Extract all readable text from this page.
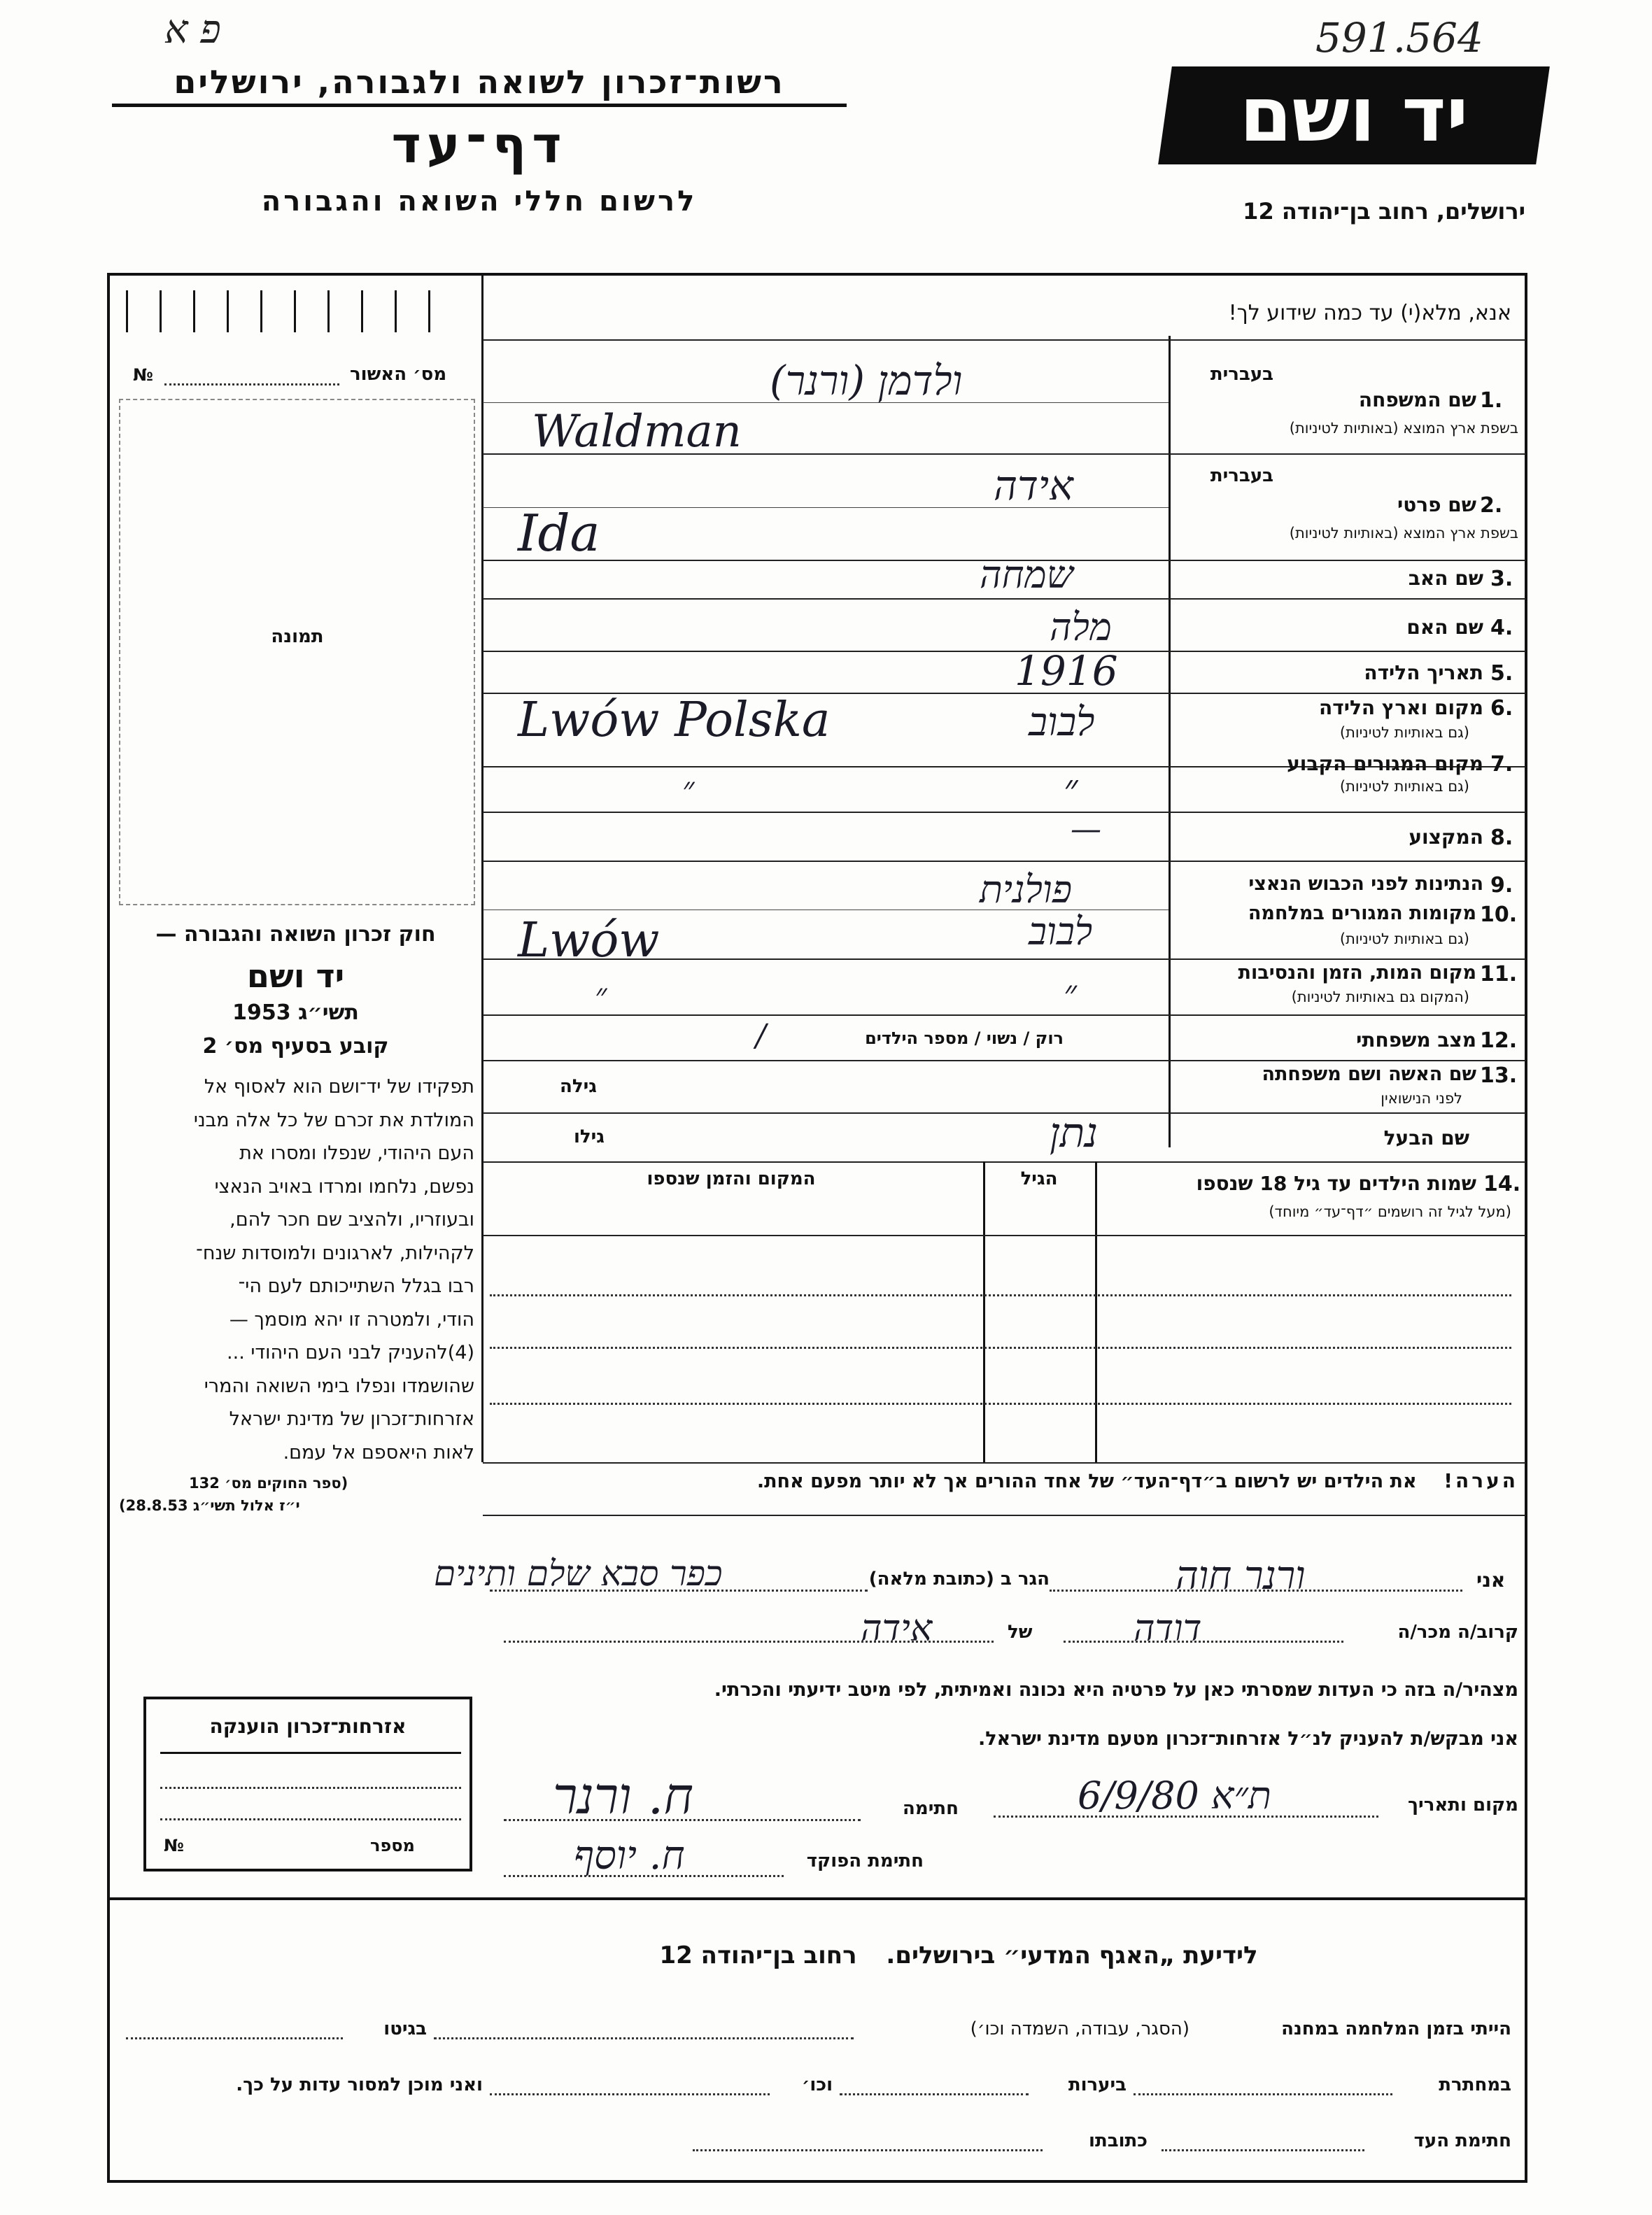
פ א	591.564
רשות־זכרון לשואה ולגבורה, ירושלים
דף־עד
לרשום חללי השואה והגבורה
יד ושם
ירושלים, רחוב בן־יהודה 12
אנא, מלא(י) עד כמה שידוע לך!
מס׳ האשור
№
תמונה
חוק זכרון השואה והגבורה —
יד ושם
תשי״ג 1953
קובע בסעיף מס׳ 2
תפקידו של יד־ושם הוא לאסוף אל
המולדת את זכרם של כל אלה מבני
העם היהודי, שנפלו ומסרו את
נפשם, נלחמו ומרדו באויב הנאצי
ובעוזריו, ולהציב שם חכר להם,
לקהילות, לארגונים ולמוסדות שנח־
רבו בגלל השתייכותם לעם הי־
הודי, ולמטרה זו יהא מוסמך —
(4)להעניק לבני העם היהודי ...
שהושמדו ונפלו בימי השואה והמרי
אזרחות־זכרון של מדינת ישראל
לאות היאספם אל עמם.
(ספר החוקים מס׳ 132
י״ז אלול תשי״ג 28.8.53)
1.
שם המשפחה
בשפת ארץ המוצא (באותיות לטיניות)
בעברית
(ורנר) ולדמן
Waldman
2.
שם פרטי
בשפת ארץ המוצא (באותיות לטיניות)
בעברית
אידה
Ida
3.
שם האב
שמחה
4.
שם האם
מלה
5.
תאריך הלידה
1916
6.
מקום וארץ הלידה
(גם באותיות לטיניות)
לבוב
Lwów Polska
7.
מקום המגורים הקבוע
(גם באותיות לטיניות)
״
״
8.
המקצוע
—
9.
הנתינות לפני הכבוש הנאצי
פולנית
10.
מקומות המגורים במלחמה
(גם באותיות לטיניות)
לבוב
Lwów
11.
מקום המות, הזמן והנסיבות
(המקום גם באותיות לטיניות)
״
״
12.
מצב משפחתי
רוק / נשוי / מספר הילדים
/
13.
שם האשה ושם משפחתה
לפני הנישואין
גילה
שם הבעל
גילו	נתן
14.
שמות הילדים עד גיל 18 שנספו
(מעל לגיל זה רושמים ״דף־עד״ מיוחד)
הגיל
המקום והזמן שנספו
הערה! את הילדים יש לרשום ב״דף־העד״ של אחד ההורים אך לא יותר מפעם אחת.
אני
ורנר חוה
הגר ב (כתובת מלאה)
כפר סבא שלם ותינים
קרוב/ה מכר/ה
דודה
של
אידה
מצהיר/ה בזה כי העדות שמסרתי כאן על פרטיה היא נכונה ואמיתית, לפי מיטב ידיעתי והכרתי.
אני מבקש/ת להעניק לנ״ל אזרחות־זכרון מטעם מדינת ישראל.
מקום ותאריך
ת״א 6/9/80
חתימה
ח. ורנר
חתימת הפוקד
ח. יוסף
אזרחות־זכרון הוענקה
מספר
№
לידיעת „האגף המדעי״ בירושלים. רחוב בן־יהודה 12
הייתי בזמן המלחמה במחנה
(הסגר, עבודה, השמדה וכו׳)
בגיטו
במחתרת
ביערות
וכו׳
ואני מוכן למסור עדות על כך.
חתימת העד
כתובתו
